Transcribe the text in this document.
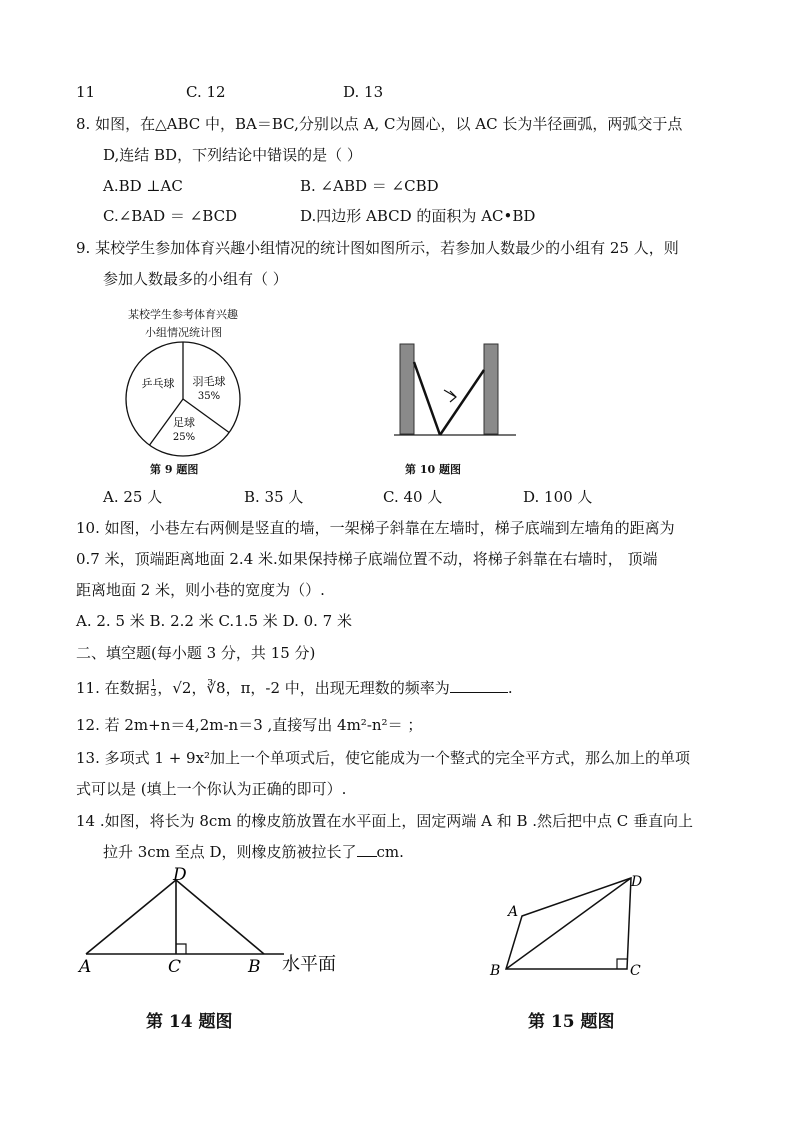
11	C. 12	D. 13
8. 如图，在△ABC 中，BA＝BC,分别以点 A, C为圆心，以 AC 长为半径画弧，两弧交于点
D,连结 BD，下列结论中错误的是（ ）
A.BD ⊥AC	B. ∠ABD ＝ ∠CBD
C.∠BAD ＝ ∠BCD	D.四边形 ABCD 的面积为 AC•BD
9. 某校学生参加体育兴趣小组情况的统计图如图所示，若参加人数最少的小组有 25 人，则
参加人数最多的小组有（ ）
某校学生参考体育兴趣
小组情况统计图
乒乓球 羽毛球
35%
足球
25%
第 9 题图	第 10 题图
A. 25 人	B. 35 人	C. 40 人	D. 100 人
10. 如图，小巷左右两侧是竖直的墙，一架梯子斜靠在左墙时，梯子底端到左墙角的距离为
0.7 米，顶端距离地面 2.4 米.如果保持梯子底端位置不动，将梯子斜靠在右墙时， 顶端
距离地面 2 米，则小巷的宽度为（）.
A. 2. 5 米 B. 2.2 米 C.1.5 米 D. 0. 7 米
二、填空题(每小题 3 分，共 15 分)
11. 在数据 $\frac{1}{3}$ ，√2，∛8，π，-2 中，出现无理数的频率为	.
12. 若 2m+n＝4,2m-n＝3 ,直接写出 4m²-n²＝ ；
13. 多项式 1 + 9x²加上一个单项式后，使它能成为一个整式的完全平方式，那么加上的单项
式可以是 (填上一个你认为正确的即可）.
14 .如图，将长为 8cm 的橡皮筋放置在水平面上，固定两端 A 和 B .然后把中点 C 垂直向上
拉升 3cm 至点 D，则橡皮筋被拉长了 cm.
A	C	B
D
水平面
第 14 题图
A
B	C
D
第 15 题图
